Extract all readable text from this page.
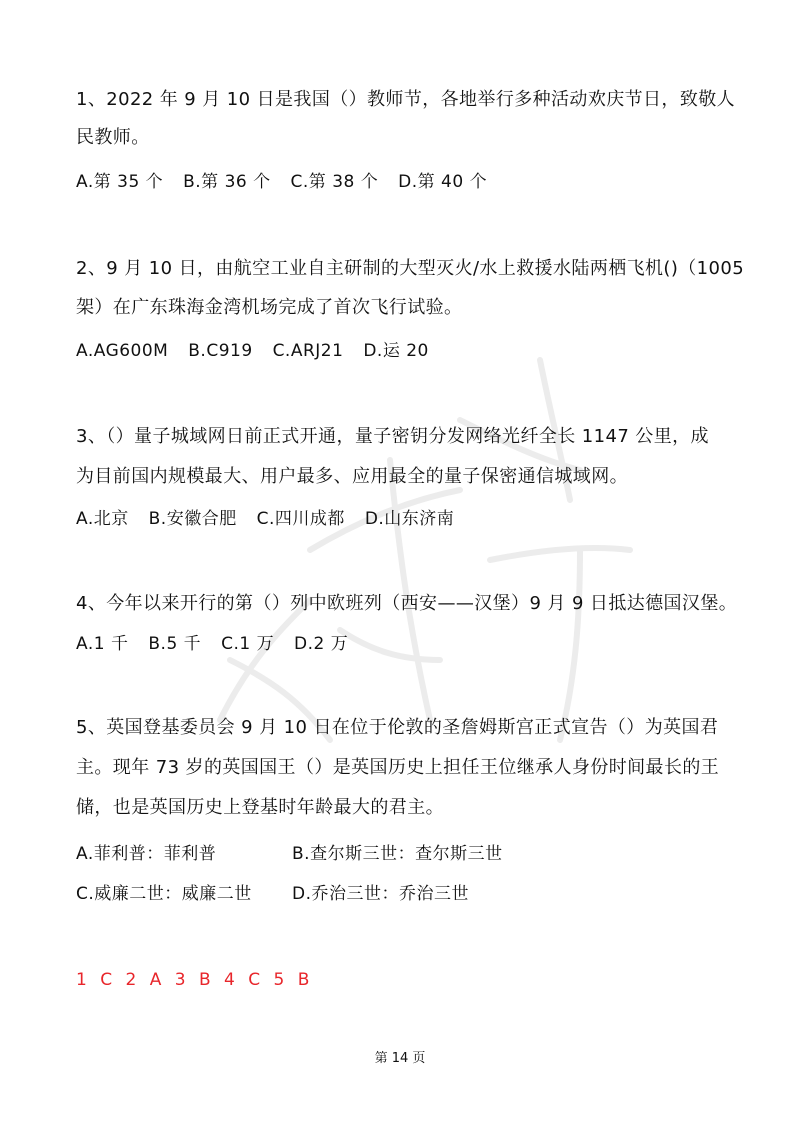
1、2022 年 9 月 10 日是我国（）教师节，各地举行多种活动欢庆节日，致敬人
民教师。
A.第 35 个 B.第 36 个 C.第 38 个 D.第 40 个
2、9 月 10 日，由航空工业自主研制的大型灭火/水上救援水陆两栖飞机()（1005
架）在广东珠海金湾机场完成了首次飞行试验。
A.AG600M B.C919 C.ARJ21 D.运 20
3、（）量子城域网日前正式开通，量子密钥分发网络光纤全长 1147 公里，成
为目前国内规模最大、用户最多、应用最全的量子保密通信城域网。
A.北京 B.安徽合肥 C.四川成都 D.山东济南
4、今年以来开行的第（）列中欧班列（西安——汉堡）9 月 9 日抵达德国汉堡。
A.1 千 B.5 千 C.1 万 D.2 万
5、英国登基委员会 9 月 10 日在位于伦敦的圣詹姆斯宫正式宣告（）为英国君
主。现年 73 岁的英国国王（）是英国历史上担任王位继承人身份时间最长的王
储，也是英国历史上登基时年龄最大的君主。
A.菲利普：菲利普	B.查尔斯三世：查尔斯三世
C.威廉二世：威廉二世 D.乔治三世：乔治三世
1 C 2 A 3 B 4 C 5 B
第 14 页
